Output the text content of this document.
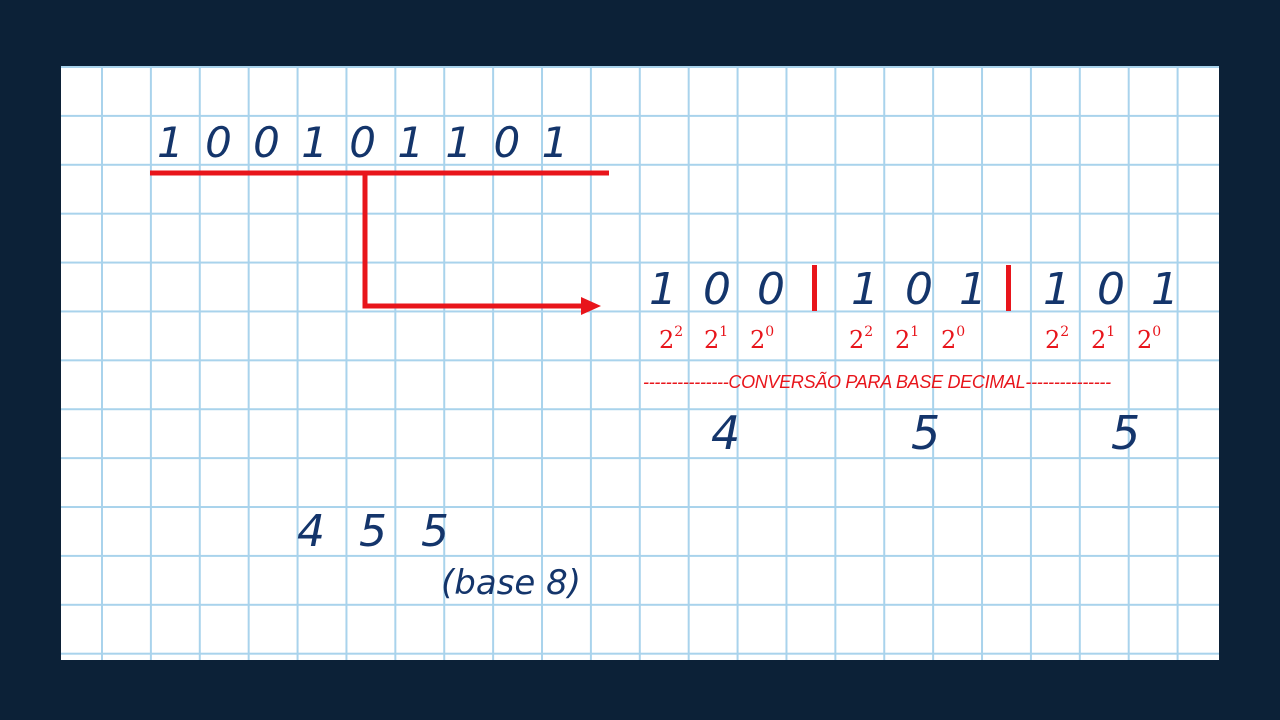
1 0 0 1 0 1 1 0 1
1 0 0
$2^2$ $2^1$ $2^0$
1 0 1
$2^2$ $2^1$ $2^0$
1 0 1
$2^2$ $2^1$ $2^0$
---------------CONVERSÃO PARA BASE DECIMAL---------------
4	5	5
4 5 5
(base 8)
